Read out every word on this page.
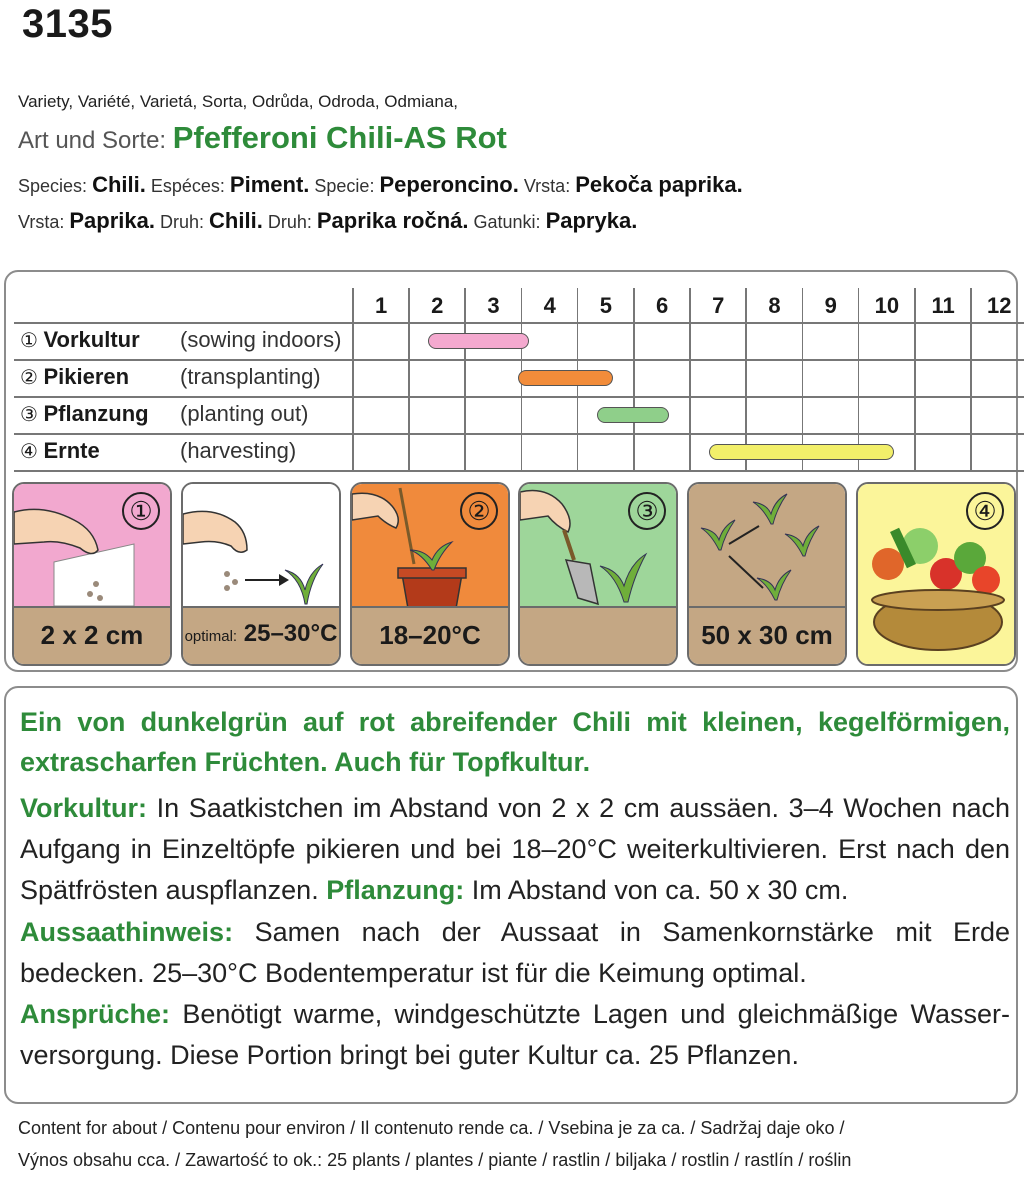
3135
Variety, Variété, Varietá, Sorta, Odrůda, Odroda, Odmiana,
Art und Sorte: Pfefferoni Chili-AS Rot
Species: Chili. Espéces: Piment. Specie: Peperoncino. Vrsta: Pekoča paprika.
Vrsta: Paprika. Druh: Chili. Druh: Paprika ročná. Gatunki: Papryka.
1	2	3	4	5	6	7	8	9	10	11	12
① Vorkultur (sowing indoors)
② Pikieren (transplanting)
③ Pflanzung (planting out)
④ Ernte	(harvesting)
①
2 x 2 cm	optimal: 25–30°C
②
18–20°C
③
50 x 30 cm
④
Ein von dunkelgrün auf rot abreifender Chili mit kleinen, kegelförmigen, extrascharfen Früchten. Auch für Topfkultur.
Vorkultur: In Saatkistchen im Abstand von 2 x 2 cm aussäen. 3–4 Wochen nach Aufgang in Einzeltöpfe pikieren und bei 18–20°C weiterkultivieren. Erst nach den Spätfrösten auspflanzen. Pflanzung: Im Abstand von ca. 50 x 30 cm.
Aussaathinweis: Samen nach der Aussaat in Samenkornstärke mit Erde bedecken. 25–30°C Bodentemperatur ist für die Keimung optimal.
Ansprüche: Benötigt warme, windgeschützte Lagen und gleichmäßige Wasser-versorgung. Diese Portion bringt bei guter Kultur ca. 25 Pflanzen.
Content for about / Contenu pour environ / Il contenuto rende ca. / Vsebina je za ca. / Sadržaj daje oko /
Výnos obsahu cca. / Zawartość to ok.: 25 plants / plantes / piante / rastlin / biljaka / rostlin / rastlín / roślin
